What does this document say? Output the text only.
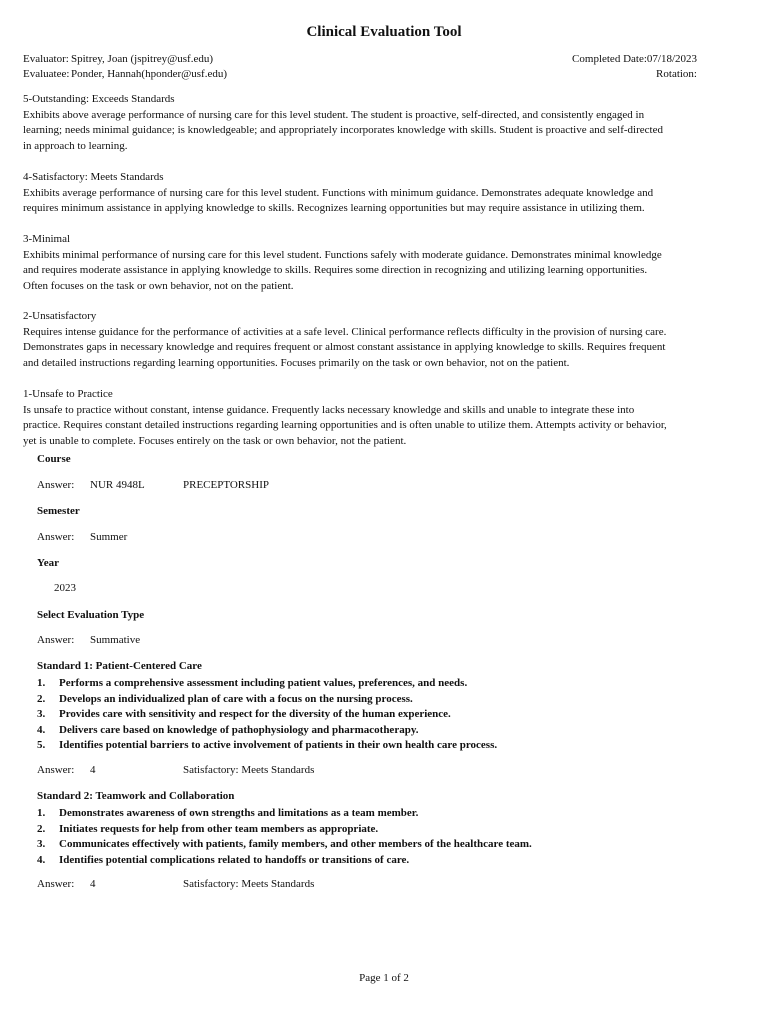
Clinical Evaluation Tool
Evaluator: Spitrey, Joan (jspitrey@usf.edu)
Evaluatee: Ponder, Hannah(hponder@usf.edu)
Completed Date:07/18/2023
Rotation:
5-Outstanding: Exceeds Standards
Exhibits above average performance of nursing care for this level student. The student is proactive, self-directed, and consistently engaged in learning; needs minimal guidance; is knowledgeable; and appropriately incorporates knowledge with skills. Student is proactive and self-directed in approach to learning.
4-Satisfactory: Meets Standards
Exhibits average performance of nursing care for this level student. Functions with minimum guidance. Demonstrates adequate knowledge and requires minimum assistance in applying knowledge to skills. Recognizes learning opportunities but may require assistance in utilizing them.
3-Minimal
Exhibits minimal performance of nursing care for this level student. Functions safely with moderate guidance. Demonstrates minimal knowledge and requires moderate assistance in applying knowledge to skills. Requires some direction in recognizing and utilizing learning opportunities. Often focuses on the task or own behavior, not on the patient.
2-Unsatisfactory
Requires intense guidance for the performance of activities at a safe level. Clinical performance reflects difficulty in the provision of nursing care. Demonstrates gaps in necessary knowledge and requires frequent or almost constant assistance in applying knowledge to skills. Requires frequent and detailed instructions regarding learning opportunities. Focuses primarily on the task or own behavior, not on the patient.
1-Unsafe to Practice
Is unsafe to practice without constant, intense guidance. Frequently lacks necessary knowledge and skills and unable to integrate these into practice. Requires constant detailed instructions regarding learning opportunities and is often unable to utilize them. Attempts activity or behavior, yet is unable to complete. Focuses entirely on the task or own behavior, not the patient.
Course
Answer: NUR 4948L	PRECEPTORSHIP
Semester
Answer: Summer
Year
2023
Select Evaluation Type
Answer: Summative
Standard 1: Patient-Centered Care
1. Performs a comprehensive assessment including patient values, preferences, and needs.
2. Develops an individualized plan of care with a focus on the nursing process.
3. Provides care with sensitivity and respect for the diversity of the human experience.
4. Delivers care based on knowledge of pathophysiology and pharmacotherapy.
5. Identifies potential barriers to active involvement of patients in their own health care process.
Answer: 4	Satisfactory: Meets Standards
Standard 2: Teamwork and Collaboration
1. Demonstrates awareness of own strengths and limitations as a team member.
2. Initiates requests for help from other team members as appropriate.
3. Communicates effectively with patients, family members, and other members of the healthcare team.
4. Identifies potential complications related to handoffs or transitions of care.
Answer: 4	Satisfactory: Meets Standards
Page 1 of 2
